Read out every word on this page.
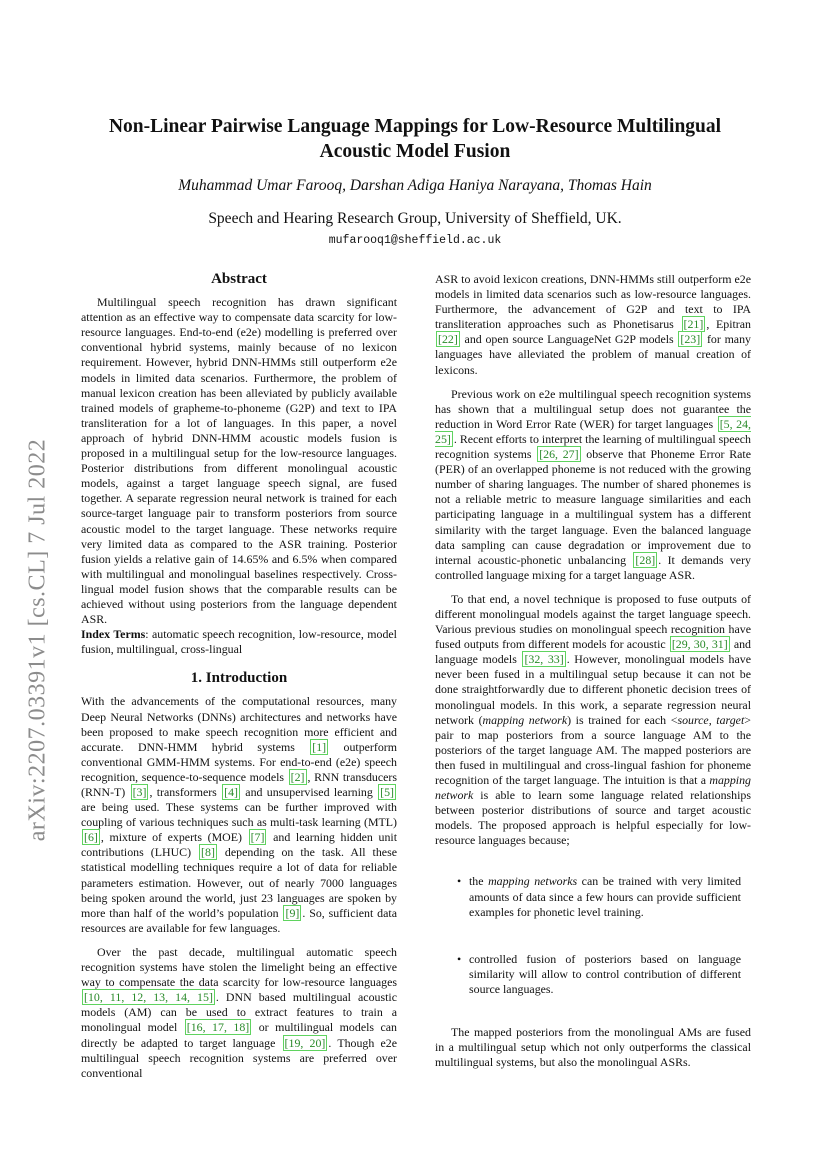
arXiv:2207.03391v1 [cs.CL] 7 Jul 2022
Non-Linear Pairwise Language Mappings for Low-Resource Multilingual
Acoustic Model Fusion
Muhammad Umar Farooq, Darshan Adiga Haniya Narayana, Thomas Hain
Speech and Hearing Research Group, University of Sheffield, UK.
mufarooq1@sheffield.ac.uk
Abstract

Multilingual speech recognition has drawn significant attention as an effective way to compensate data scarcity for low-resource languages. End-to-end (e2e) modelling is preferred over conventional hybrid systems, mainly because of no lexicon requirement. However, hybrid DNN-HMMs still outperform e2e models in limited data scenarios. Furthermore, the problem of manual lexicon creation has been alleviated by publicly available trained models of grapheme-to-phoneme (G2P) and text to IPA transliteration for a lot of languages. In this paper, a novel approach of hybrid DNN-HMM acoustic models fusion is proposed in a multilingual setup for the low-resource languages. Posterior distributions from different monolingual acoustic models, against a target language speech signal, are fused together. A separate regression neural network is trained for each source-target language pair to transform posteriors from source acoustic model to the target language. These networks require very limited data as compared to the ASR training. Posterior fusion yields a relative gain of 14.65% and 6.5% when compared with multilingual and monolingual baselines respectively. Cross-lingual model fusion shows that the comparable results can be achieved without using posteriors from the language dependent ASR.

Index Terms: automatic speech recognition, low-resource, model fusion, multilingual, cross-lingual

1. Introduction

With the advancements of the computational resources, many Deep Neural Networks (DNNs) architectures and networks have been proposed to make speech recognition more efficient and accurate. DNN-HMM hybrid systems [1] outperform conventional GMM-HMM systems. For end-to-end (e2e) speech recognition, sequence-to-sequence models [2] , RNN transducers (RNN-T) [3] , transformers [4] and unsupervised learning [5] are being used. These systems can be further improved with coupling of various techniques such as multi-task learning (MTL) [6] , mixture of experts (MOE) [7] and learning hidden unit contributions (LHUC) [8] depending on the task. All these statistical modelling techniques require a lot of data for reliable parameters estimation. However, out of nearly 7000 languages being spoken around the world, just 23 languages are spoken by more than half of the world’s population [9] . So, sufficient data resources are available for few languages.

Over the past decade, multilingual automatic speech recognition systems have stolen the limelight being an effective way to compensate the data scarcity for low-resource languages [10, 11, 12, 13, 14, 15] . DNN based multilingual acoustic models (AM) can be used to extract features to train a monolingual model [16, 17, 18] or multilingual models can directly be adapted to target language [19, 20] . Though e2e multilingual speech recognition systems are preferred over conventional

ASR to avoid lexicon creations, DNN-HMMs still outperform e2e models in limited data scenarios such as low-resource languages. Furthermore, the advancement of G2P and text to IPA transliteration approaches such as Phonetisarus [21] , Epitran [22] and open source LanguageNet G2P models [23] for many languages have alleviated the problem of manual creation of lexicons.

Previous work on e2e multilingual speech recognition systems has shown that a multilingual setup does not guarantee the reduction in Word Error Rate (WER) for target languages [5, 24, 25] . Recent efforts to interpret the learning of multilingual speech recognition systems [26, 27] observe that Phoneme Error Rate (PER) of an overlapped phoneme is not reduced with the growing number of sharing languages. The number of shared phonemes is not a reliable metric to measure language similarities and each participating language in a multilingual system has a different similarity with the target language. Even the balanced language data sampling can cause degradation or improvement due to internal acoustic-phonetic unbalancing [28] . It demands very controlled language mixing for a target language ASR.

To that end, a novel technique is proposed to fuse outputs of different monolingual models against the target language speech. Various previous studies on monolingual speech recognition have fused outputs from different models for acoustic [29, 30, 31] and language models [32, 33] . However, monolingual models have never been fused in a multilingual setup because it can not be done straightforwardly due to different phonetic decision trees of monolingual models. In this work, a separate regression neural network (mapping network) is trained for each <source, target> pair to map posteriors from a source language AM to the posteriors of the target language AM. The mapped posteriors are then fused in multilingual and cross-lingual fashion for phoneme recognition of the target language. The intuition is that a mapping network is able to learn some language related relationships between posterior distributions of source and target acoustic models. The proposed approach is helpful especially for low-resource languages because;

• the mapping networks can be trained with very limited amounts of data since a few hours can provide sufficient examples for phonetic level training.
• controlled fusion of posteriors based on language similarity will allow to control contribution of different source languages.

The mapped posteriors from the monolingual AMs are fused in a multilingual setup which not only outperforms the classical multilingual systems, but also the monolingual ASRs.
